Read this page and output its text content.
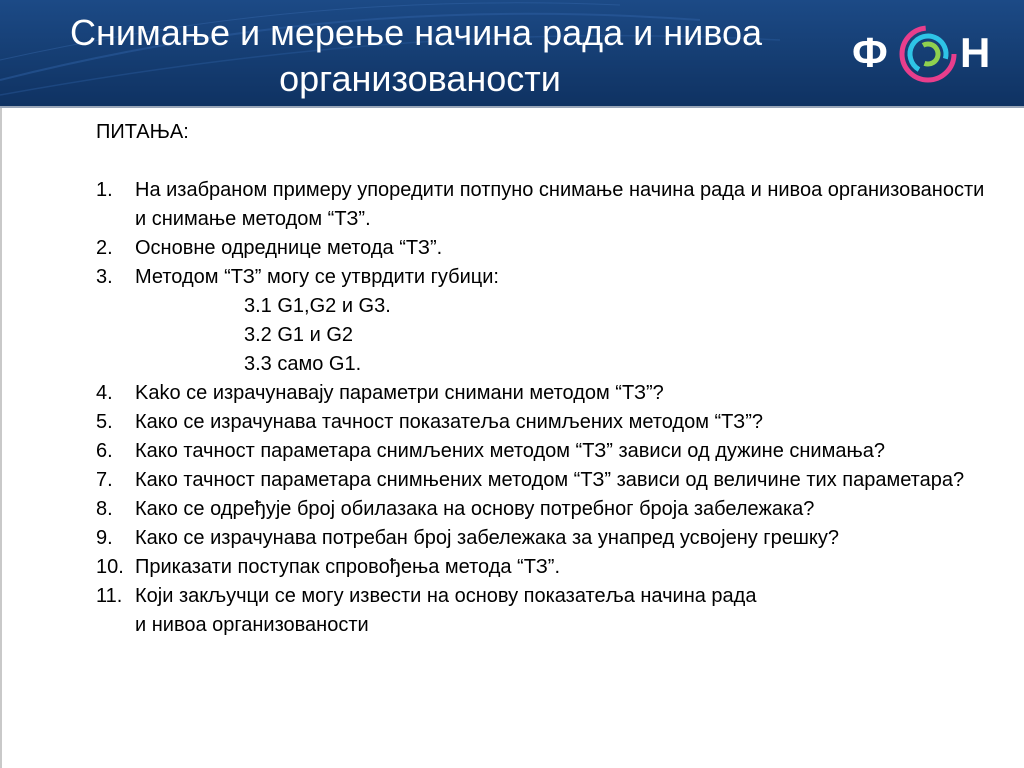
Снимање и мерење начина рада и нивоа
организованости
Ф Н
ПИТАЊА:
1.	На изабраном примеру упоредити потпуно снимање начина рада и нивоа организованости и снимање методом “ТЗ”.
2.	Основне одреднице метода “ТЗ”.
3.	Методом “ТЗ” могу се утврдити губици:
3.1 G1,G2 и G3.
3.2 G1 и G2
3.3 само G1.
4.	Kako се израчунавају параметри снимани методом “ТЗ”?
5.	Како се израчунава тачност показатеља снимљених методом “ТЗ”?
6.	Како тачност параметара снимљених методом “ТЗ” зависи од дужине снимања?
7.	Како тачност параметара снимњених методом “ТЗ” зависи од величине тих параметара?
8.	Како се одређује број обилазака на основу потребног броја забележака?
9.	Како се израчунава потребан број забележака за унапред усвојену грешку?
10. Приказати поступак спровођења метода “ТЗ”.
11. Који закључци се могу извести на основу показатеља начина рада
и нивоа организованости
